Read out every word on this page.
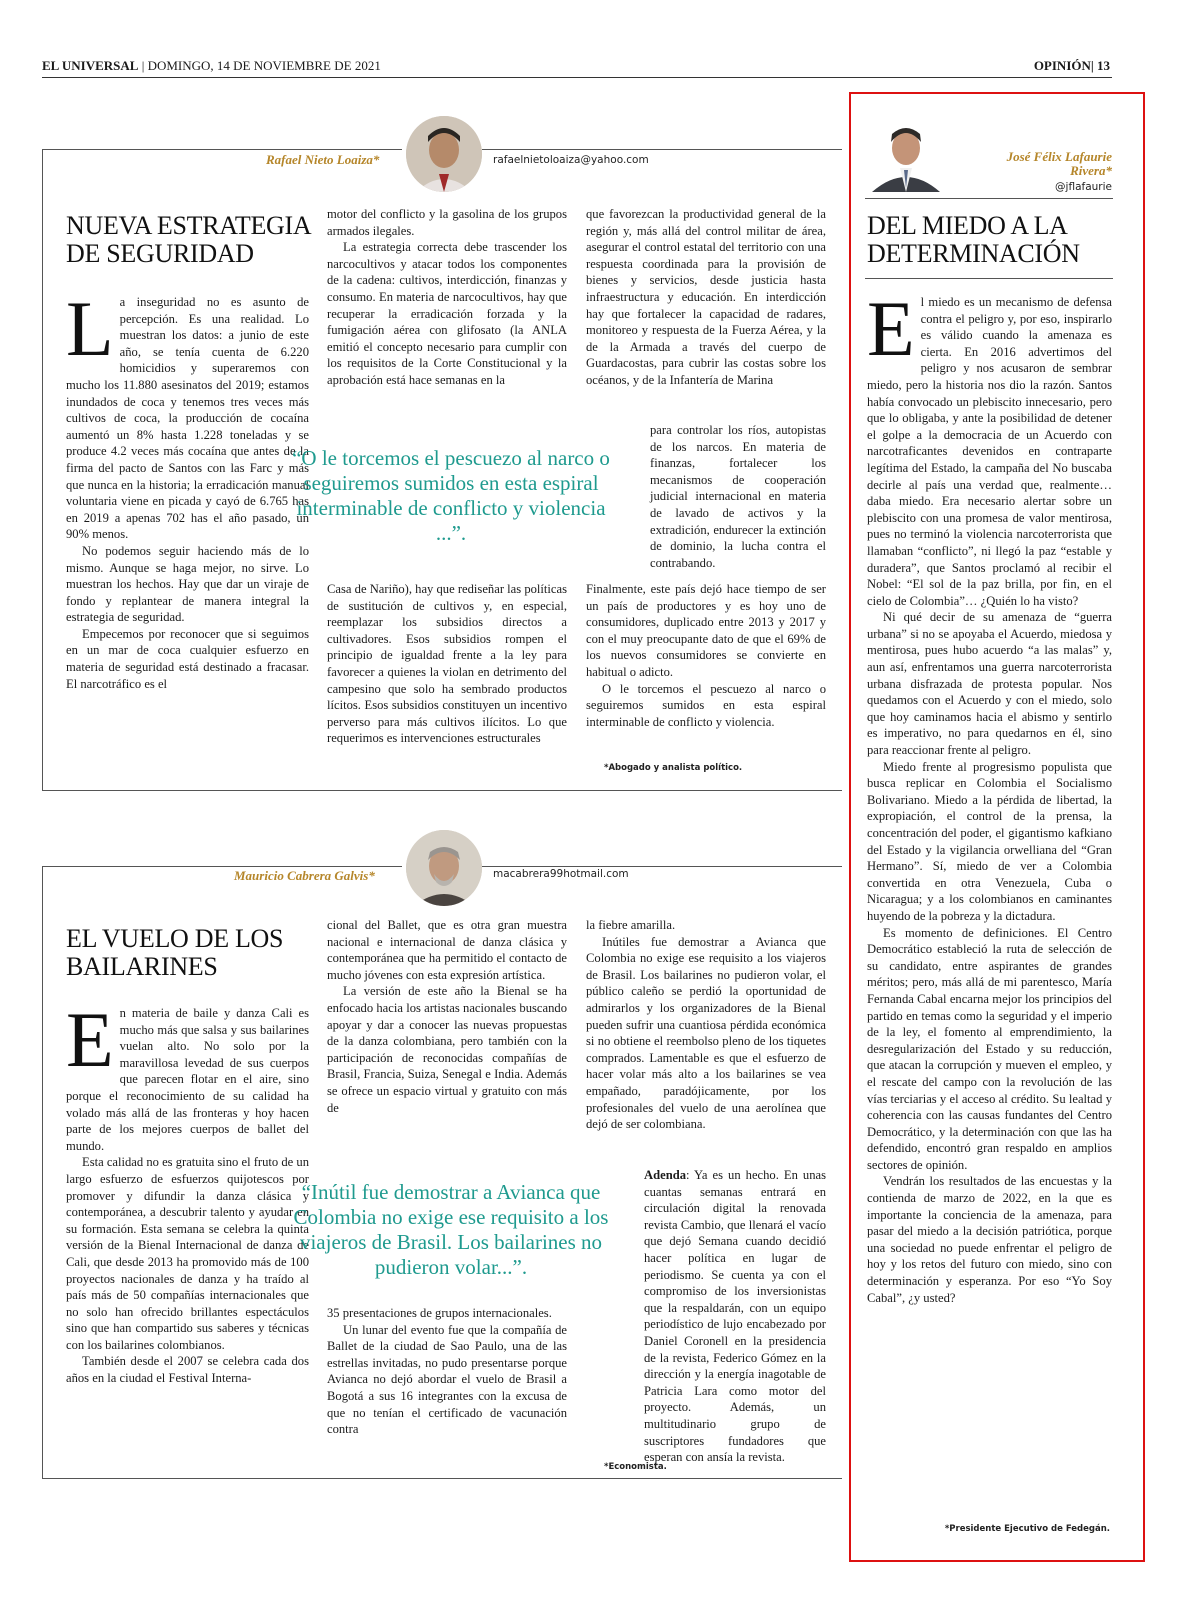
EL UNIVERSAL | DOMINGO, 14 DE NOVIEMBRE DE 2021	OPINIÓN| 13
Rafael Nieto Loaiza*	rafaelnietoloaiza@yahoo.com
NUEVA ESTRATEGIA
DE SEGURIDAD

La inseguridad no es asunto de percepción. Es una realidad. Lo muestran los datos: a junio de este año, se tenía cuenta de 6.220 homicidios y superaremos con mucho los 11.880 asesinatos del 2019; estamos inundados de coca y tenemos tres veces más cultivos de coca, la producción de cocaína aumentó un 8% hasta 1.228 toneladas y se produce 4.2 veces más cocaína que antes de la firma del pacto de Santos con las Farc y más que nunca en la historia; la erradicación manual voluntaria viene en picada y cayó de 6.765 has en 2019 a apenas 702 has el año pasado, un 90% menos.

No podemos seguir haciendo más de lo mismo. Aunque se haga mejor, no sirve. Lo muestran los hechos. Hay que dar un viraje de fondo y replantear de manera integral la estrategia de seguridad.

Empecemos por reconocer que si seguimos en un mar de coca cualquier esfuerzo en materia de seguridad está destinado a fracasar. El narcotráfico es el

motor del conflicto y la gasolina de los grupos armados ilegales.

La estrategia correcta debe trascender los narcocultivos y atacar todos los componentes de la cadena: cultivos, interdicción, finanzas y consumo. En materia de narcocultivos, hay que recuperar la erradicación forzada y la fumigación aérea con glifosato (la ANLA emitió el concepto necesario para cumplir con los requisitos de la Corte Constitucional y la aprobación está hace semanas en la

que favorezcan la productividad general de la región y, más allá del control militar de área, asegurar el control estatal del territorio con una respuesta coordinada para la provisión de bienes y servicios, desde justicia hasta infraestructura y educación. En interdicción hay que fortalecer la capacidad de radares, monitoreo y respuesta de la Fuerza Aérea, y la de la Armada a través del cuerpo de Guardacostas, para cubrir las costas sobre los océanos, y de la Infantería de Marina

“O le torcemos el pescuezo al narco o seguiremos sumidos en esta espiral interminable de conflicto y violencia ...”.

para controlar los ríos, autopistas de los narcos. En materia de finanzas, fortalecer los mecanismos de cooperación judicial internacional en materia de lavado de activos y la extradición, endurecer la extinción de dominio, la lucha contra el contrabando.

Casa de Nariño), hay que rediseñar las políticas de sustitución de cultivos y, en especial, reemplazar los subsidios directos a cultivadores. Esos subsidios rompen el principio de igualdad frente a la ley para favorecer a quienes la violan en detrimento del campesino que solo ha sembrado productos lícitos. Esos subsidios constituyen un incentivo perverso para más cultivos ilícitos. Lo que requerimos es intervenciones estructurales

Finalmente, este país dejó hace tiempo de ser un país de productores y es hoy uno de consumidores, duplicado entre 2013 y 2017 y con el muy preocupante dato de que el 69% de los nuevos consumidores se convierte en habitual o adicto.

O le torcemos el pescuezo al narco o seguiremos sumidos en esta espiral interminable de conflicto y violencia.

*Abogado y analista político.
Mauricio Cabrera Galvis*	macabrera99hotmail.com
EL VUELO DE LOS
BAILARINES

En materia de baile y danza Cali es mucho más que salsa y sus bailarines vuelan alto. No solo por la maravillosa levedad de sus cuerpos que parecen flotar en el aire, sino porque el reconocimiento de su calidad ha volado más allá de las fronteras y hoy hacen parte de los mejores cuerpos de ballet del mundo.

Esta calidad no es gratuita sino el fruto de un largo esfuerzo de esfuerzos quijotescos por promover y difundir la danza clásica y contemporánea, a descubrir talento y ayudar en su formación. Esta semana se celebra la quinta versión de la Bienal Internacional de danza de Cali, que desde 2013 ha promovido más de 100 proyectos nacionales de danza y ha traído al país más de 50 compañías internacionales que no solo han ofrecido brillantes espectáculos sino que han compartido sus saberes y técnicas con los bailarines colombianos.

También desde el 2007 se celebra cada dos años en la ciudad el Festival Interna-

cional del Ballet, que es otra gran muestra nacional e internacional de danza clásica y contemporánea que ha permitido el contacto de mucho jóvenes con esta expresión artística.

La versión de este año la Bienal se ha enfocado hacia los artistas nacionales buscando apoyar y dar a conocer las nuevas propuestas de la danza colombiana, pero también con la participación de reconocidas compañías de Brasil, Francia, Suiza, Senegal e India. Además se ofrece un espacio virtual y gratuito con más de

la fiebre amarilla.

Inútiles fue demostrar a Avianca que Colombia no exige ese requisito a los viajeros de Brasil. Los bailarines no pudieron volar, el público caleño se perdió la oportunidad de admirarlos y los organizadores de la Bienal pueden sufrir una cuantiosa pérdida económica si no obtiene el reembolso pleno de los tiquetes comprados. Lamentable es que el esfuerzo de hacer volar más alto a los bailarines se vea empañado, paradójicamente, por los profesionales del vuelo de una aerolínea que dejó de ser colombiana.

“Inútil fue demostrar a Avianca que Colombia no exige ese requisito a los viajeros de Brasil. Los bailarines no pudieron volar...”.

Adenda: Ya es un hecho. En unas cuantas semanas entrará en circulación digital la renovada revista Cambio, que llenará el vacío que dejó Semana cuando decidió hacer política en lugar de periodismo. Se cuenta ya con el compromiso de los inversionistas que la respaldarán, con un equipo periodístico de lujo encabezado por Daniel Coronell en la presidencia de la revista, Federico Gómez en la dirección y la energía inagotable de Patricia Lara como motor del proyecto. Además, un multitudinario grupo de suscriptores fundadores que esperan con ansía la revista.

35 presentaciones de grupos internacionales.

Un lunar del evento fue que la compañía de Ballet de la ciudad de Sao Paulo, una de las estrellas invitadas, no pudo presentarse porque Avianca no dejó abordar el vuelo de Brasil a Bogotá a sus 16 integrantes con la excusa de que no tenían el certificado de vacunación contra

*Economista.
José Félix Lafaurie
Rivera*
@jflafaurie
DEL MIEDO A LA
DETERMINACIÓN

El miedo es un mecanismo de defensa contra el peligro y, por eso, inspirarlo es válido cuando la amenaza es cierta. En 2016 advertimos del peligro y nos acusaron de sembrar miedo, pero la historia nos dio la razón. Santos había convocado un plebiscito innecesario, pero que lo obligaba, y ante la posibilidad de detener el golpe a la democracia de un Acuerdo con narcotraficantes devenidos en contraparte legítima del Estado, la campaña del No buscaba decirle al país una verdad que, realmente… daba miedo. Era necesario alertar sobre un plebiscito con una promesa de valor mentirosa, pues no terminó la violencia narcoterrorista que llamaban “conflicto”, ni llegó la paz “estable y duradera”, que Santos proclamó al recibir el Nobel: “El sol de la paz brilla, por fin, en el cielo de Colombia”… ¿Quién lo ha visto?

Ni qué decir de su amenaza de “guerra urbana” si no se apoyaba el Acuerdo, miedosa y mentirosa, pues hubo acuerdo “a las malas” y, aun así, enfrentamos una guerra narcoterrorista urbana disfrazada de protesta popular. Nos quedamos con el Acuerdo y con el miedo, solo que hoy caminamos hacia el abismo y sentirlo es imperativo, no para quedarnos en él, sino para reaccionar frente al peligro.

Miedo frente al progresismo populista que busca replicar en Colombia el Socialismo Bolivariano. Miedo a la pérdida de libertad, la expropiación, el control de la prensa, la concentración del poder, el gigantismo kafkiano del Estado y la vigilancia orwelliana del “Gran Hermano”. Sí, miedo de ver a Colombia convertida en otra Venezuela, Cuba o Nicaragua; y a los colombianos en caminantes huyendo de la pobreza y la dictadura.

Es momento de definiciones. El Centro Democrático estableció la ruta de selección de su candidato, entre aspirantes de grandes méritos; pero, más allá de mi parentesco, María Fernanda Cabal encarna mejor los principios del partido en temas como la seguridad y el imperio de la ley, el fomento al emprendimiento, la desregularización del Estado y su reducción, que atacan la corrupción y mueven el empleo, y el rescate del campo con la revolución de las vías terciarias y el acceso al crédito. Su lealtad y coherencia con las causas fundantes del Centro Democrático, y la determinación con que las ha defendido, encontró gran respaldo en amplios sectores de opinión.

Vendrán los resultados de las encuestas y la contienda de marzo de 2022, en la que es importante la conciencia de la amenaza, para pasar del miedo a la decisión patriótica, porque una sociedad no puede enfrentar el peligro de hoy y los retos del futuro con miedo, sino con determinación y esperanza. Por eso “Yo Soy Cabal”, ¿y usted?

*Presidente Ejecutivo de Fedegán.
